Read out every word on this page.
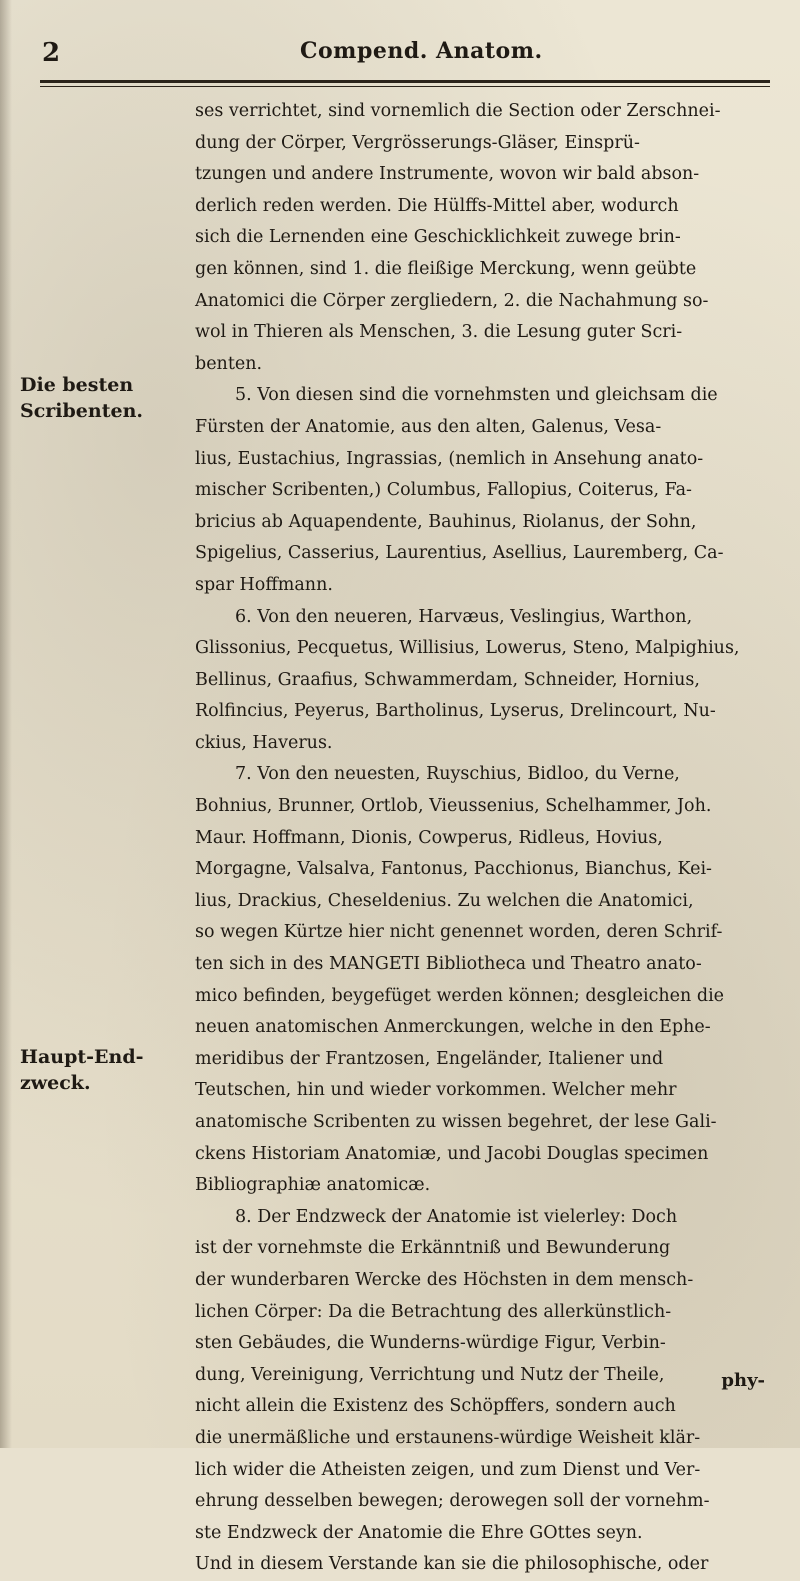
2	Compend. Anatom.
Die besten Scribenten.
Haupt-End-zweck.
ses verrichtet, sind vornemlich die Section oder Zerschnei-
dung der Cörper, Vergrösserungs-Gläser, Einsprü-
tzungen und andere Instrumente, wovon wir bald abson-
derlich reden werden. Die Hülffs-Mittel aber, wodurch
sich die Lernenden eine Geschicklichkeit zuwege brin-
gen können, sind 1. die fleißige Merckung, wenn geübte
Anatomici die Cörper zergliedern, 2. die Nachahmung so-
wol in Thieren als Menschen, 3. die Lesung guter Scri-
benten.
5. Von diesen sind die vornehmsten und gleichsam die
Fürsten der Anatomie, aus den alten, Galenus, Vesa-
lius, Eustachius, Ingrassias, (nemlich in Ansehung anato-
mischer Scribenten,) Columbus, Fallopius, Coiterus, Fa-
bricius ab Aquapendente, Bauhinus, Riolanus, der Sohn,
Spigelius, Casserius, Laurentius, Asellius, Lauremberg, Ca-
spar Hoffmann.
6. Von den neueren, Harvæus, Veslingius, Warthon,
Glissonius, Pecquetus, Willisius, Lowerus, Steno, Malpighius,
Bellinus, Graafius, Schwammerdam, Schneider, Hornius,
Rolfincius, Peyerus, Bartholinus, Lyserus, Drelincourt, Nu-
ckius, Haverus.
7. Von den neuesten, Ruyschius, Bidloo, du Verne,
Bohnius, Brunner, Ortlob, Vieussenius, Schelhammer, Joh.
Maur. Hoffmann, Dionis, Cowperus, Ridleus, Hovius,
Morgagne, Valsalva, Fantonus, Pacchionus, Bianchus, Kei-
lius, Drackius, Cheseldenius. Zu welchen die Anatomici,
so wegen Kürtze hier nicht genennet worden, deren Schrif-
ten sich in des MANGETI Bibliotheca und Theatro anato-
mico befinden, beygefüget werden können; desgleichen die
neuen anatomischen Anmerckungen, welche in den Ephe-
meridibus der Frantzosen, Engeländer, Italiener und
Teutschen, hin und wieder vorkommen. Welcher mehr
anatomische Scribenten zu wissen begehret, der lese Gali-
ckens Historiam Anatomiæ, und Jacobi Douglas specimen
Bibliographiæ anatomicæ.
8. Der Endzweck der Anatomie ist vielerley: Doch
ist der vornehmste die Erkänntniß und Bewunderung
der wunderbaren Wercke des Höchsten in dem mensch-
lichen Cörper: Da die Betrachtung des allerkünstlich-
sten Gebäudes, die Wunderns-würdige Figur, Verbin-
dung, Vereinigung, Verrichtung und Nutz der Theile,
nicht allein die Existenz des Schöpffers, sondern auch
die unermäßliche und erstaunens-würdige Weisheit klär-
lich wider die Atheisten zeigen, und zum Dienst und Ver-
ehrung desselben bewegen; derowegen soll der vornehm-
ste Endzweck der Anatomie die Ehre GOttes seyn.
Und in diesem Verstande kan sie die philosophische, oder
phy-
